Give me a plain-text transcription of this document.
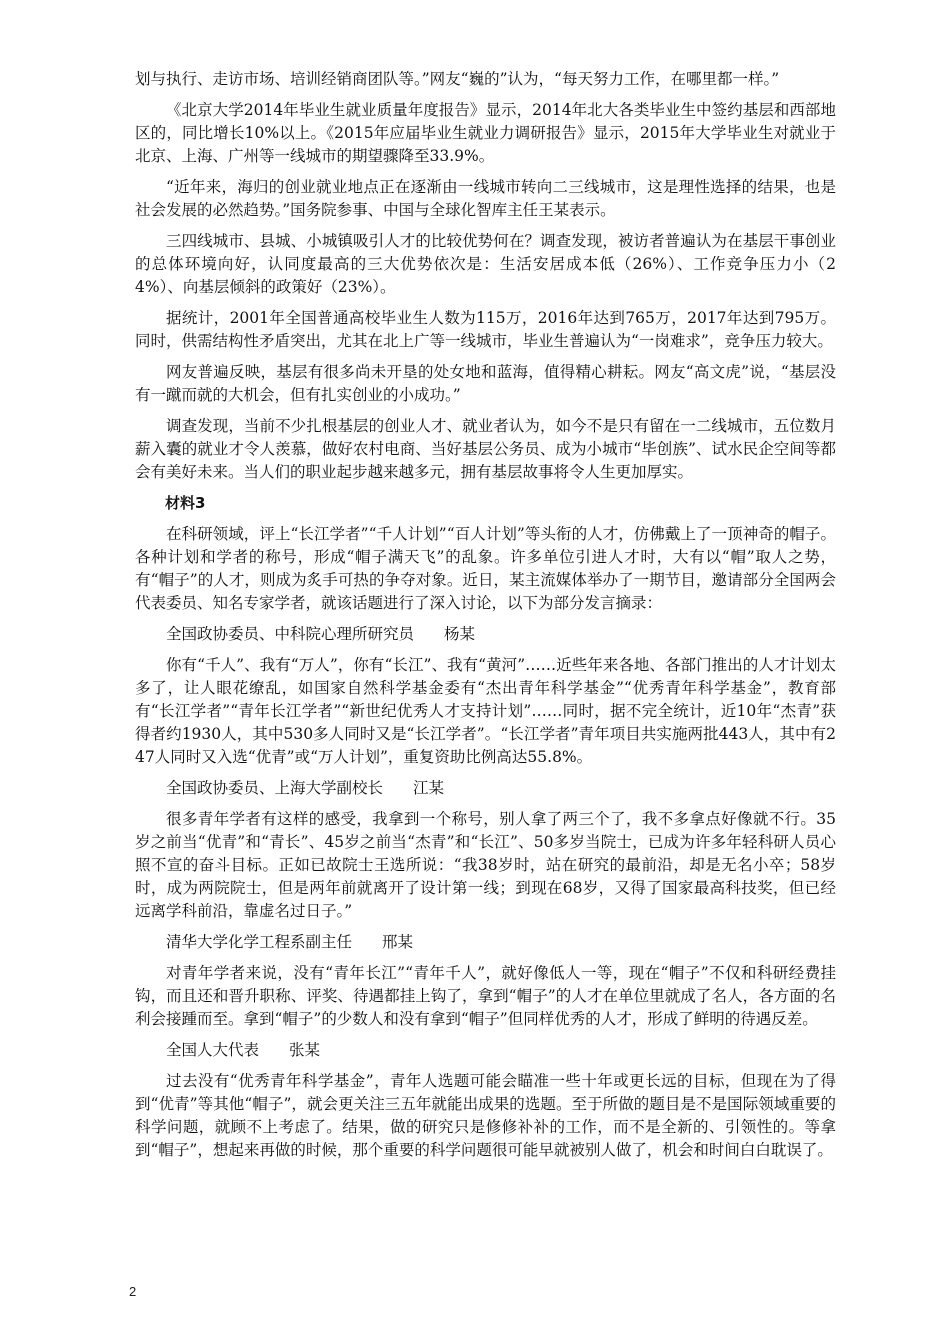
划与执行、走访市场、培训经销商团队等。”网友“巍的”认为，“每天努力工作，在哪里都一样。”

《北京大学2014年毕业生就业质量年度报告》显示，2014年北大各类毕业生中签约基层和西部地区的，同比增长10%以上。《2015年应届毕业生就业力调研报告》显示，2015年大学毕业生对就业于北京、上海、广州等一线城市的期望骤降至33.9%。

“近年来，海归的创业就业地点正在逐渐由一线城市转向二三线城市，这是理性选择的结果，也是社会发展的必然趋势。”国务院参事、中国与全球化智库主任王某表示。

三四线城市、县城、小城镇吸引人才的比较优势何在？调查发现，被访者普遍认为在基层干事创业的总体环境向好，认同度最高的三大优势依次是：生活安居成本低（26%）、工作竞争压力小（24%）、向基层倾斜的政策好（23%）。

据统计，2001年全国普通高校毕业生人数为115万，2016年达到765万，2017年达到795万。同时，供需结构性矛盾突出，尤其在北上广等一线城市，毕业生普遍认为“一岗难求”，竞争压力较大。

网友普遍反映，基层有很多尚未开垦的处女地和蓝海，值得精心耕耘。网友“高文虎”说，“基层没有一蹴而就的大机会，但有扎实创业的小成功。”

调查发现，当前不少扎根基层的创业人才、就业者认为，如今不是只有留在一二线城市，五位数月薪入囊的就业才令人羡慕，做好农村电商、当好基层公务员、成为小城市“毕创族”、试水民企空间等都会有美好未来。当人们的职业起步越来越多元，拥有基层故事将令人生更加厚实。

材料3

在科研领域，评上“长江学者”“千人计划”“百人计划”等头衔的人才，仿佛戴上了一顶神奇的帽子。各种计划和学者的称号，形成“帽子满天飞”的乱象。许多单位引进人才时，大有以“帽”取人之势，有“帽子”的人才，则成为炙手可热的争夺对象。近日，某主流媒体举办了一期节目，邀请部分全国两会代表委员、知名专家学者，就该话题进行了深入讨论，以下为部分发言摘录：

全国政协委员、中科院心理所研究员 杨某

你有“千人”、我有“万人”，你有“长江”、我有“黄河”……近些年来各地、各部门推出的人才计划太多了，让人眼花缭乱，如国家自然科学基金委有“杰出青年科学基金”“优秀青年科学基金”，教育部有“长江学者”“青年长江学者”“新世纪优秀人才支持计划”……同时，据不完全统计，近10年“杰青”获得者约1930人，其中530多人同时又是“长江学者”。“长江学者”青年项目共实施两批443人，其中有247人同时又入选“优青”或“万人计划”，重复资助比例高达55.8%。

全国政协委员、上海大学副校长 江某

很多青年学者有这样的感受，我拿到一个称号，别人拿了两三个了，我不多拿点好像就不行。35岁之前当“优青”和“青长”、45岁之前当“杰青”和“长江”、50多岁当院士，已成为许多年轻科研人员心照不宣的奋斗目标。正如已故院士王选所说：“我38岁时，站在研究的最前沿，却是无名小卒；58岁时，成为两院院士，但是两年前就离开了设计第一线；到现在68岁，又得了国家最高科技奖，但已经远离学科前沿，靠虚名过日子。”

清华大学化学工程系副主任 邢某

对青年学者来说，没有“青年长江”“青年千人”，就好像低人一等，现在“帽子”不仅和科研经费挂钩，而且还和晋升职称、评奖、待遇都挂上钩了，拿到“帽子”的人才在单位里就成了名人，各方面的名利会接踵而至。拿到“帽子”的少数人和没有拿到“帽子”但同样优秀的人才，形成了鲜明的待遇反差。

全国人大代表 张某

过去没有“优秀青年科学基金”，青年人选题可能会瞄准一些十年或更长远的目标，但现在为了得到“优青”等其他“帽子”，就会更关注三五年就能出成果的选题。至于所做的题目是不是国际领域重要的科学问题，就顾不上考虑了。结果，做的研究只是修修补补的工作，而不是全新的、引领性的。等拿到“帽子”，想起来再做的时候，那个重要的科学问题很可能早就被别人做了，机会和时间白白耽误了。

2
